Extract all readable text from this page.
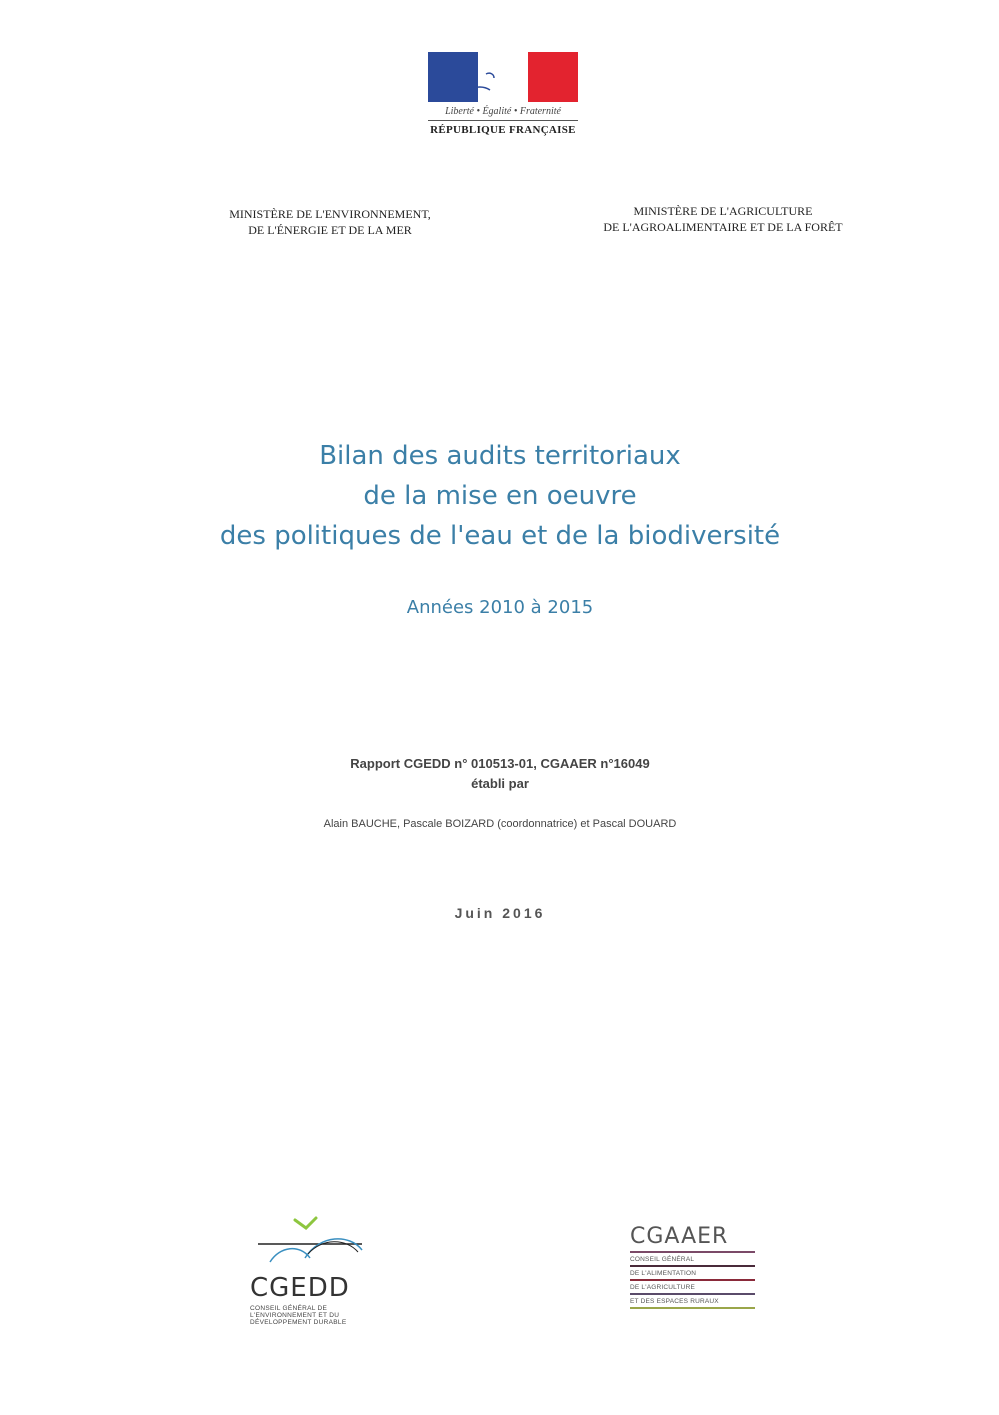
Liberté • Égalité • Fraternité
RÉPUBLIQUE FRANÇAISE
MINISTÈRE DE L'ENVIRONNEMENT,
DE L'ÉNERGIE ET DE LA MER
MINISTÈRE DE L'AGRICULTURE
DE L'AGROALIMENTAIRE ET DE LA FORÊT
Bilan des audits territoriaux
de la mise en oeuvre
des politiques de l'eau et de la biodiversité
Années 2010 à 2015
Rapport CGEDD n° 010513-01, CGAAER n°16049
établi par
Alain BAUCHE, Pascale BOIZARD (coordonnatrice) et Pascal DOUARD
Juin 2016
CGEDD
CONSEIL GÉNÉRAL DE
L'ENVIRONNEMENT ET DU
DÉVELOPPEMENT DURABLE
CGAAER
CONSEIL GÉNÉRAL
DE L'ALIMENTATION
DE L'AGRICULTURE
ET DES ESPACES RURAUX
